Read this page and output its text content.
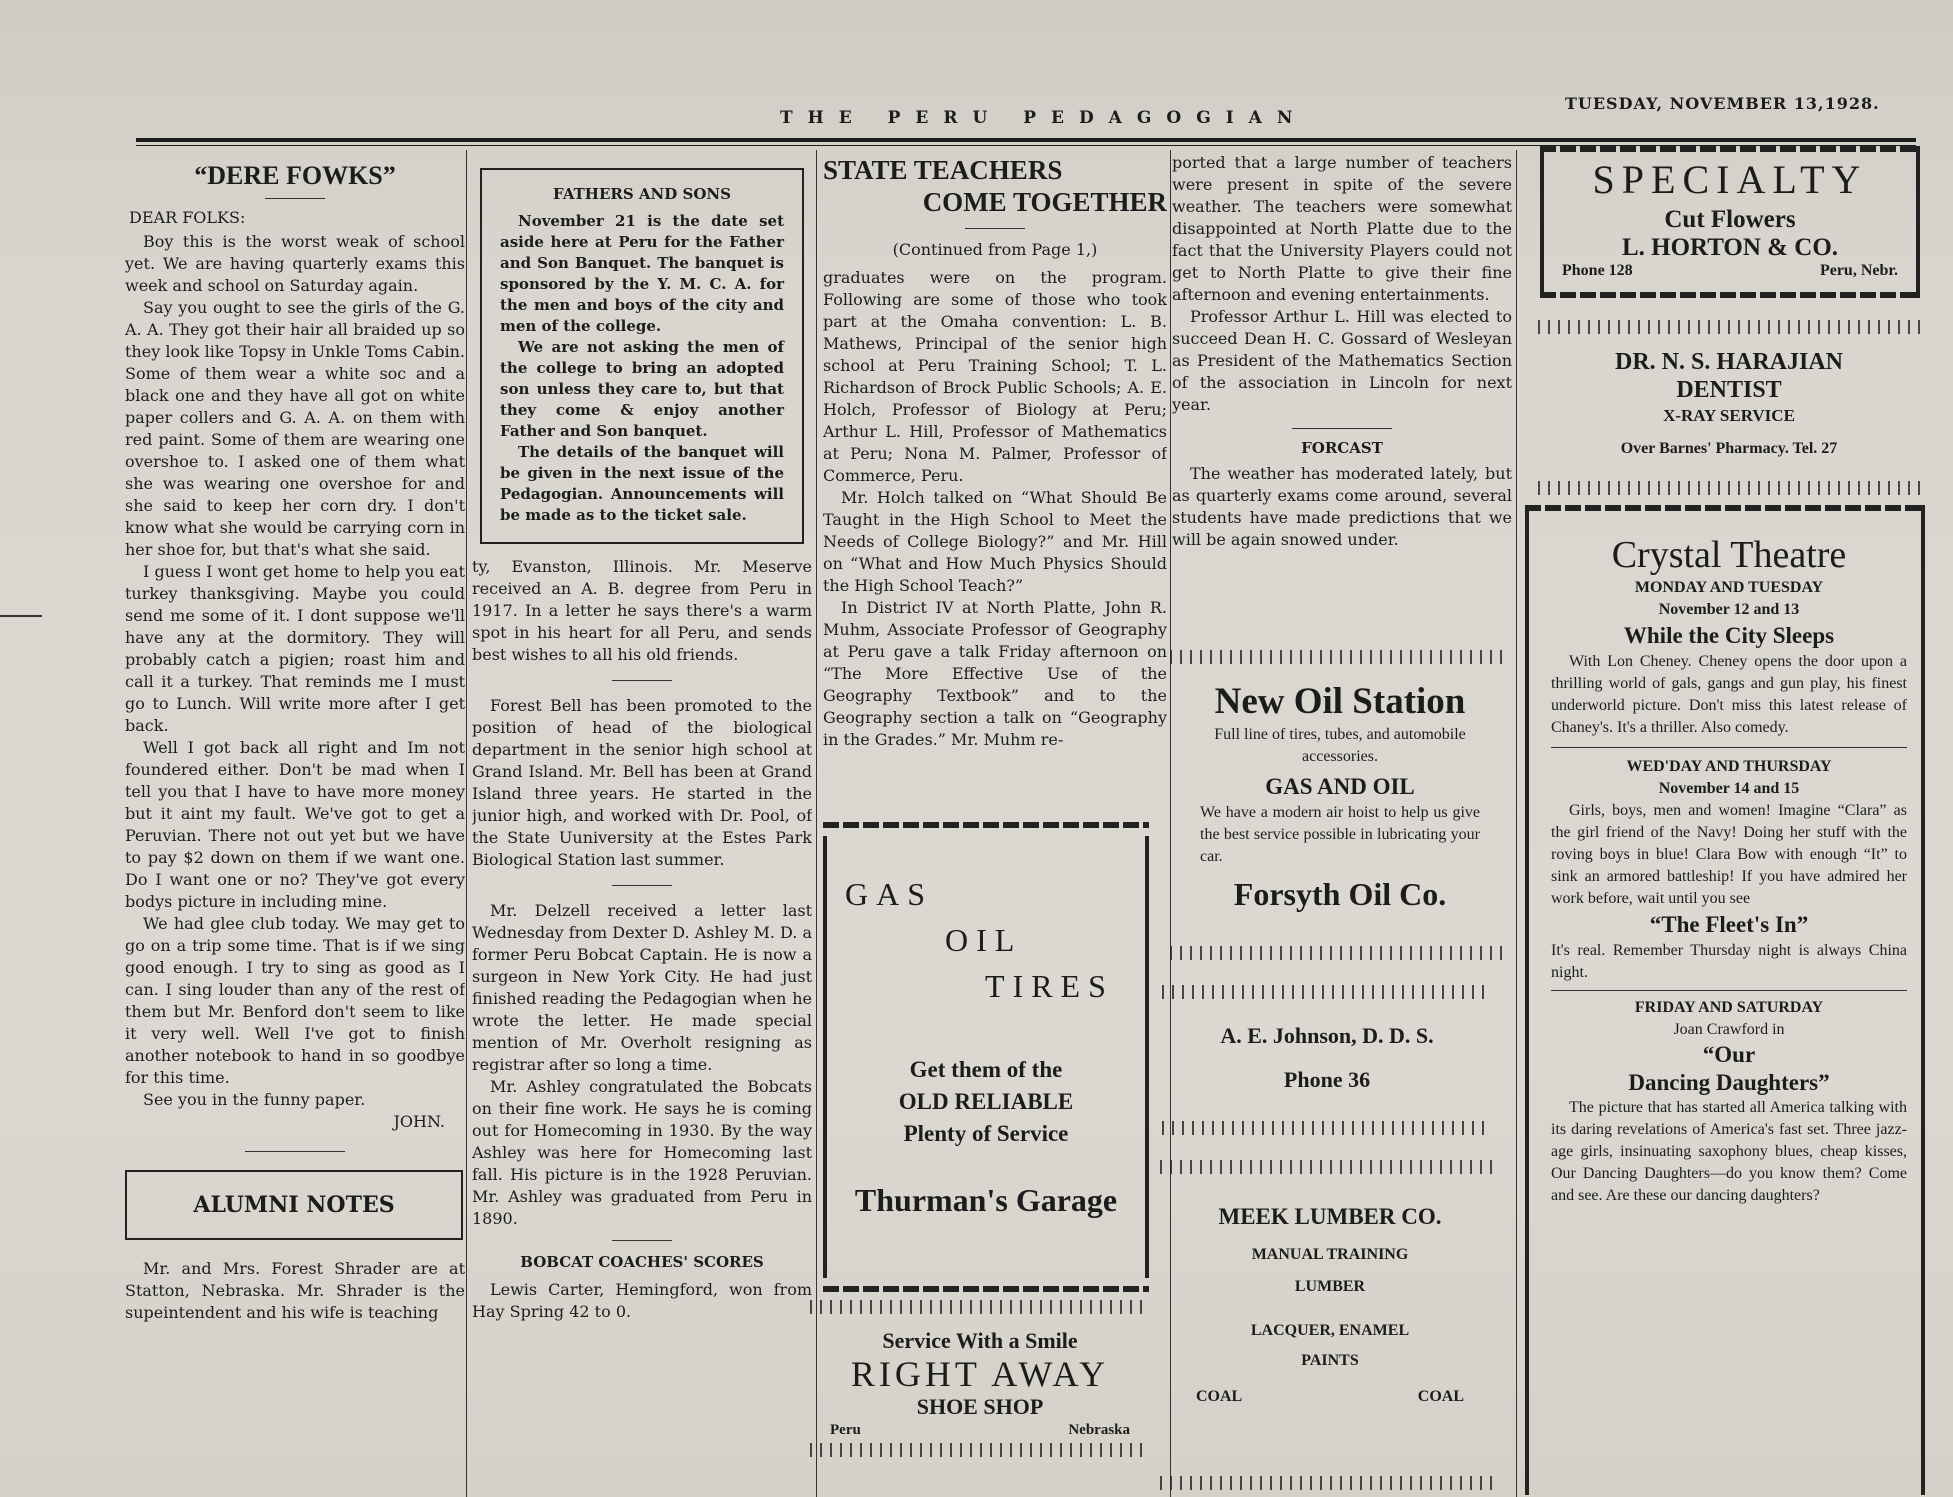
THE PERU PEDAGOGIAN
TUESDAY, NOVEMBER 13,1928.
“DERE FOWKS”
DEAR FOLKS:

Boy this is the worst weak of school yet. We are having quarterly exams this week and school on Saturday again.

Say you ought to see the girls of the G. A. A. They got their hair all braided up so they look like Topsy in Unkle Toms Cabin. Some of them wear a white soc and a black one and they have all got on white paper collers and G. A. A. on them with red paint. Some of them are wearing one overshoe to. I asked one of them what she was wearing one overshoe for and she said to keep her corn dry. I don't know what she would be carrying corn in her shoe for, but that's what she said.

I guess I wont get home to help you eat turkey thanksgiving. Maybe you could send me some of it. I dont suppose we'll have any at the dormitory. They will probably catch a pigien; roast him and call it a turkey. That reminds me I must go to Lunch. Will write more after I get back.

Well I got back all right and Im not foundered either. Don't be mad when I tell you that I have to have more money but it aint my fault. We've got to get a Peruvian. There not out yet but we have to pay $2 down on them if we want one. Do I want one or no? They've got every bodys picture in including mine.

We had glee club today. We may get to go on a trip some time. That is if we sing good enough. I try to sing as good as I can. I sing louder than any of the rest of them but Mr. Benford don't seem to like it very well. Well I've got to finish another notebook to hand in so goodbye for this time.

See you in the funny paper.

JOHN.
ALUMNI NOTES

Mr. and Mrs. Forest Shrader are at Statton, Nebraska. Mr. Shrader is the supeintendent and his wife is teaching

FATHERS AND SONS

November 21 is the date set aside here at Peru for the Father and Son Banquet. The banquet is sponsored by the Y. M. C. A. for the men and boys of the city and men of the college.

We are not asking the men of the college to bring an adopted son unless they care to, but that they come & enjoy another Father and Son banquet.

The details of the banquet will be given in the next issue of the Pedagogian. Announcements will be made as to the ticket sale.

ty, Evanston, Illinois. Mr. Meserve received an A. B. degree from Peru in 1917. In a letter he says there's a warm spot in his heart for all Peru, and sends best wishes to all his old friends.

Forest Bell has been promoted to the position of head of the biological department in the senior high school at Grand Island. Mr. Bell has been at Grand Island three years. He started in the junior high, and worked with Dr. Pool, of the State Uuniversity at the Estes Park Biological Station last summer.

Mr. Delzell received a letter last Wednesday from Dexter D. Ashley M. D. a former Peru Bobcat Captain. He is now a surgeon in New York City. He had just finished reading the Pedagogian when he wrote the letter. He made special mention of Mr. Overholt resigning as registrar after so long a time.

Mr. Ashley congratulated the Bobcats on their fine work. He says he is coming out for Homecoming in 1930. By the way Ashley was here for Homecoming last fall. His picture is in the 1928 Peruvian. Mr. Ashley was graduated from Peru in 1890.

BOBCAT COACHES' SCORES

Lewis Carter, Hemingford, won from Hay Spring 42 to 0.

STATE TEACHERS
COME TOGETHER
(Continued from Page 1,)

graduates were on the program. Following are some of those who took part at the Omaha convention: L. B. Mathews, Principal of the senior high school at Peru Training School; T. L. Richardson of Brock Public Schools; A. E. Holch, Professor of Biology at Peru; Arthur L. Hill, Professor of Mathematics at Peru; Nona M. Palmer, Professor of Commerce, Peru.

Mr. Holch talked on “What Should Be Taught in the High School to Meet the Needs of College Biology?” and Mr. Hill on “What and How Much Physics Should the High School Teach?”

In District IV at North Platte, John R. Muhm, Associate Professor of Geography at Peru gave a talk Friday afternoon on “The More Effective Use of the Geography Textbook” and to the Geography section a talk on “Geography in the Grades.” Mr. Muhm re-

GAS
OIL
TIRES
Get them of the
OLD RELIABLE
Plenty of Service
Thurman's Garage
Service With a Smile
RIGHT AWAY
SHOE SHOP
Peru	Nebraska

ported that a large number of teachers were present in spite of the severe weather. The teachers were somewhat disappointed at North Platte due to the fact that the University Players could not get to North Platte to give their fine afternoon and evening entertainments.

Professor Arthur L. Hill was elected to succeed Dean H. C. Gossard of Wesleyan as President of the Mathematics Section of the association in Lincoln for next year.

FORCAST

The weather has moderated lately, but as quarterly exams come around, several students have made predictions that we will be again snowed under.

New Oil Station
Full line of tires, tubes, and automobile accessories.
GAS AND OIL
We have a modern air hoist to help us give the best service possible in lubricating your car.
Forsyth Oil Co.
A. E. Johnson, D. D. S.
Phone 36
MEEK LUMBER CO.
MANUAL TRAINING
LUMBER
LACQUER, ENAMEL
PAINTS
COAL	COAL
SPECIALTY
Cut Flowers
L. HORTON & CO.
Phone 128	Peru, Nebr.
DR. N. S. HARAJIAN
DENTIST
X-RAY SERVICE
Over Barnes' Pharmacy. Tel. 27
Crystal Theatre
MONDAY AND TUESDAY
November 12 and 13
While the City Sleeps

With Lon Cheney. Cheney opens the door upon a thrilling world of gals, gangs and gun play, his finest underworld picture. Don't miss this latest release of Chaney's. It's a thriller. Also comedy.

WED'DAY AND THURSDAY
November 14 and 15

Girls, boys, men and women! Imagine “Clara” as the girl friend of the Navy! Doing her stuff with the roving boys in blue! Clara Bow with enough “It” to sink an armored battleship! If you have admired her work before, wait until you see

“The Fleet's In”

It's real. Remember Thursday night is always China night.

FRIDAY AND SATURDAY
Joan Crawford in
“Our
Dancing Daughters”

The picture that has started all America talking with its daring revelations of America's fast set. Three jazz-age girls, insinuating saxophony blues, cheap kisses, Our Dancing Daughters—do you know them? Come and see. Are these our dancing daughters?
